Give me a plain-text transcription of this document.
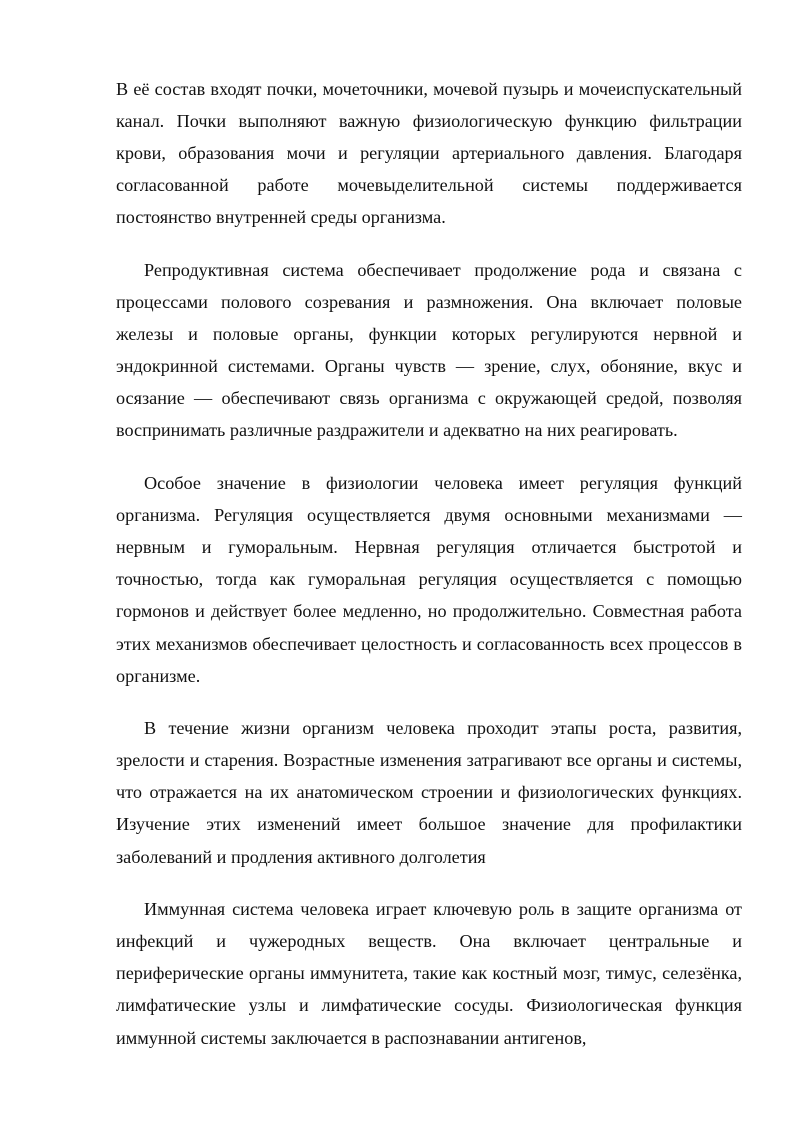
В её состав входят почки, мочеточники, мочевой пузырь и мочеиспускательный канал. Почки выполняют важную физиологическую функцию фильтрации крови, образования мочи и регуляции артериального давления. Благодаря согласованной работе мочевыделительной системы поддерживается постоянство внутренней среды организма.

Репродуктивная система обеспечивает продолжение рода и связана с процессами полового созревания и размножения. Она включает половые железы и половые органы, функции которых регулируются нервной и эндокринной системами. Органы чувств — зрение, слух, обоняние, вкус и осязание — обеспечивают связь организма с окружающей средой, позволяя воспринимать различные раздражители и адекватно на них реагировать.

Особое значение в физиологии человека имеет регуляция функций организма. Регуляция осуществляется двумя основными механизмами — нервным и гуморальным. Нервная регуляция отличается быстротой и точностью, тогда как гуморальная регуляция осуществляется с помощью гормонов и действует более медленно, но продолжительно. Совместная работа этих механизмов обеспечивает целостность и согласованность всех процессов в организме.

В течение жизни организм человека проходит этапы роста, развития, зрелости и старения. Возрастные изменения затрагивают все органы и системы, что отражается на их анатомическом строении и физиологических функциях. Изучение этих изменений имеет большое значение для профилактики заболеваний и продления активного долголетия

Иммунная система человека играет ключевую роль в защите организма от инфекций и чужеродных веществ. Она включает центральные и периферические органы иммунитета, такие как костный мозг, тимус, селезёнка, лимфатические узлы и лимфатические сосуды. Физиологическая функция иммунной системы заключается в распознавании антигенов,
